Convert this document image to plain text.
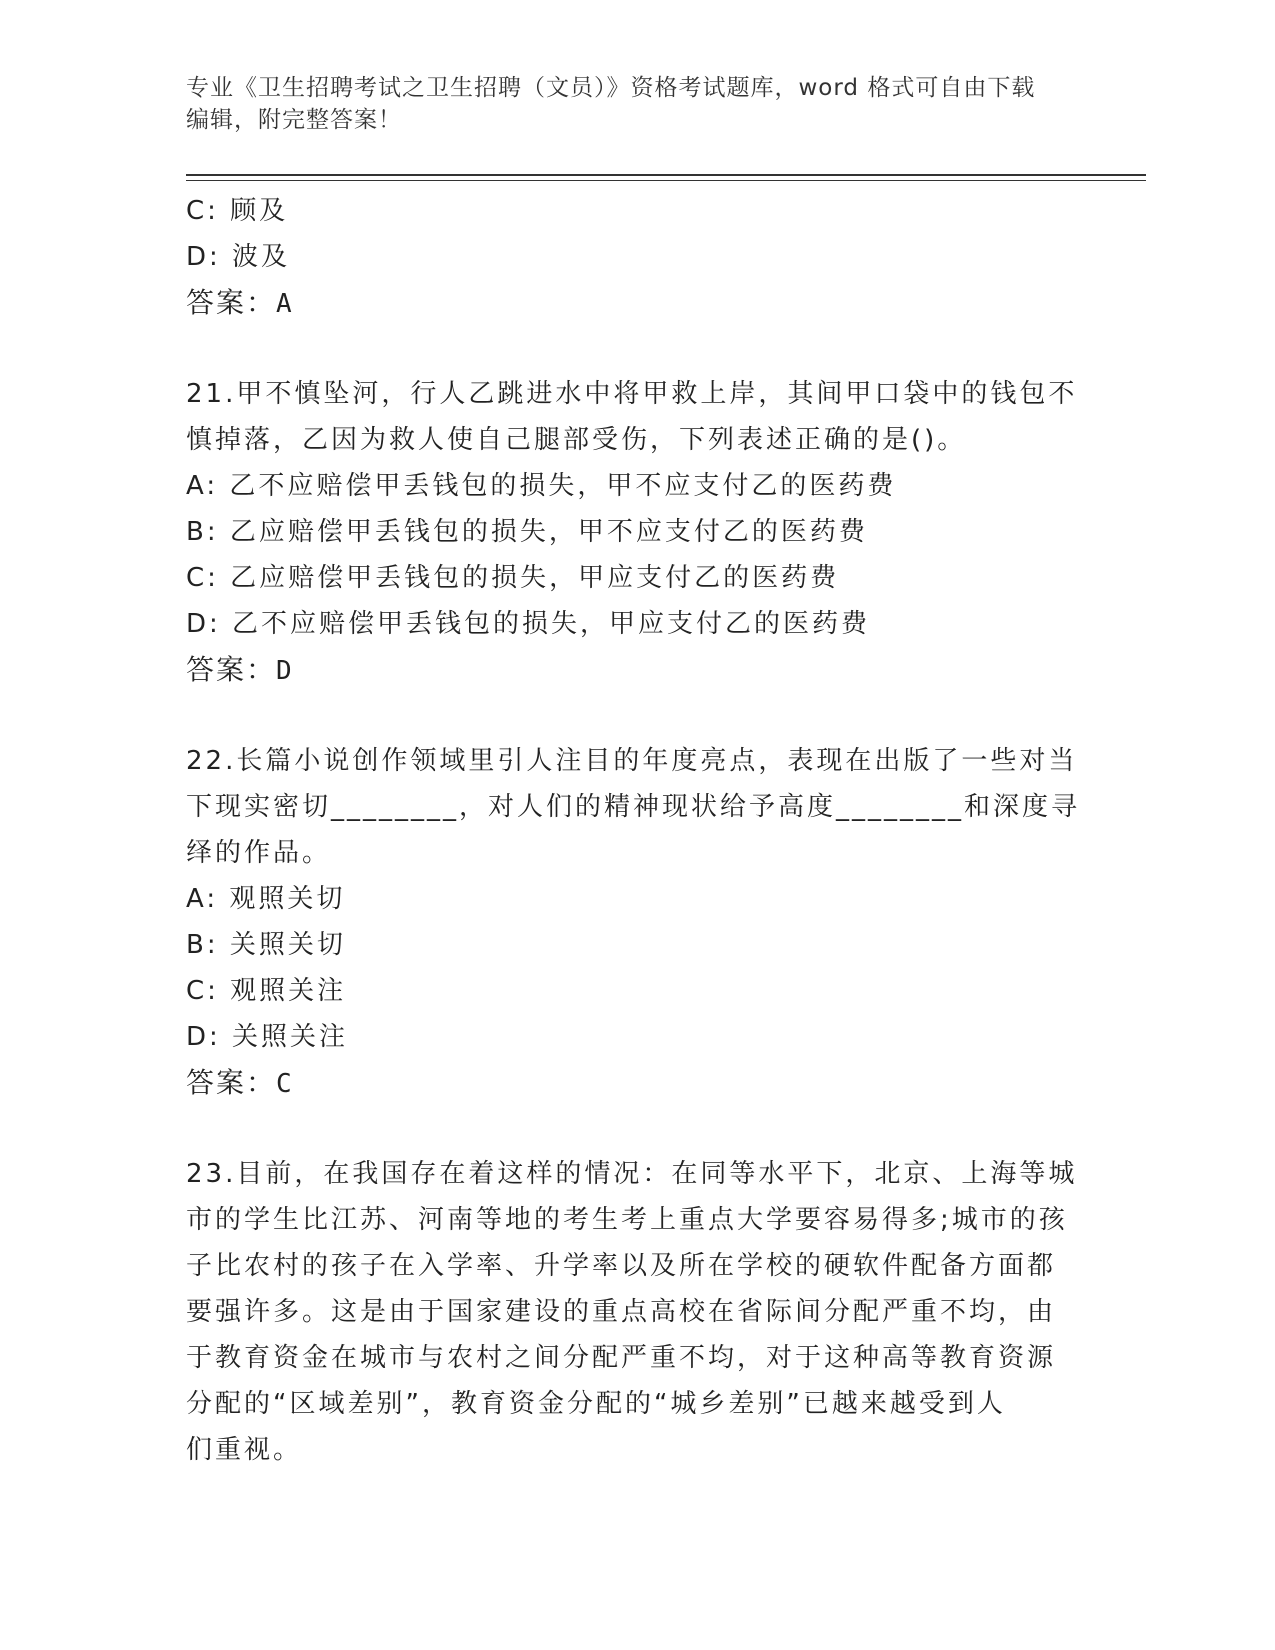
专业《卫生招聘考试之卫生招聘（文员）》资格考试题库，word 格式可自由下载

编辑，附完整答案！

C: 顾及

D: 波及

答案：A

21.甲不慎坠河，行人乙跳进水中将甲救上岸，其间甲口袋中的钱包不

慎掉落，乙因为救人使自己腿部受伤，下列表述正确的是()。

A: 乙不应赔偿甲丢钱包的损失，甲不应支付乙的医药费

B: 乙应赔偿甲丢钱包的损失，甲不应支付乙的医药费

C: 乙应赔偿甲丢钱包的损失，甲应支付乙的医药费

D: 乙不应赔偿甲丢钱包的损失，甲应支付乙的医药费

答案：D

22.长篇小说创作领域里引人注目的年度亮点，表现在出版了一些对当

下现实密切________，对人们的精神现状给予高度________和深度寻

绎的作品。

A: 观照关切

B: 关照关切

C: 观照关注

D: 关照关注

答案：C

23.目前，在我国存在着这样的情况：在同等水平下，北京、上海等城

市的学生比江苏、河南等地的考生考上重点大学要容易得多;城市的孩

子比农村的孩子在入学率、升学率以及所在学校的硬软件配备方面都

要强许多。这是由于国家建设的重点高校在省际间分配严重不均，由

于教育资金在城市与农村之间分配严重不均，对于这种高等教育资源

分配的“区域差别”，教育资金分配的“城乡差别”已越来越受到人

们重视。
